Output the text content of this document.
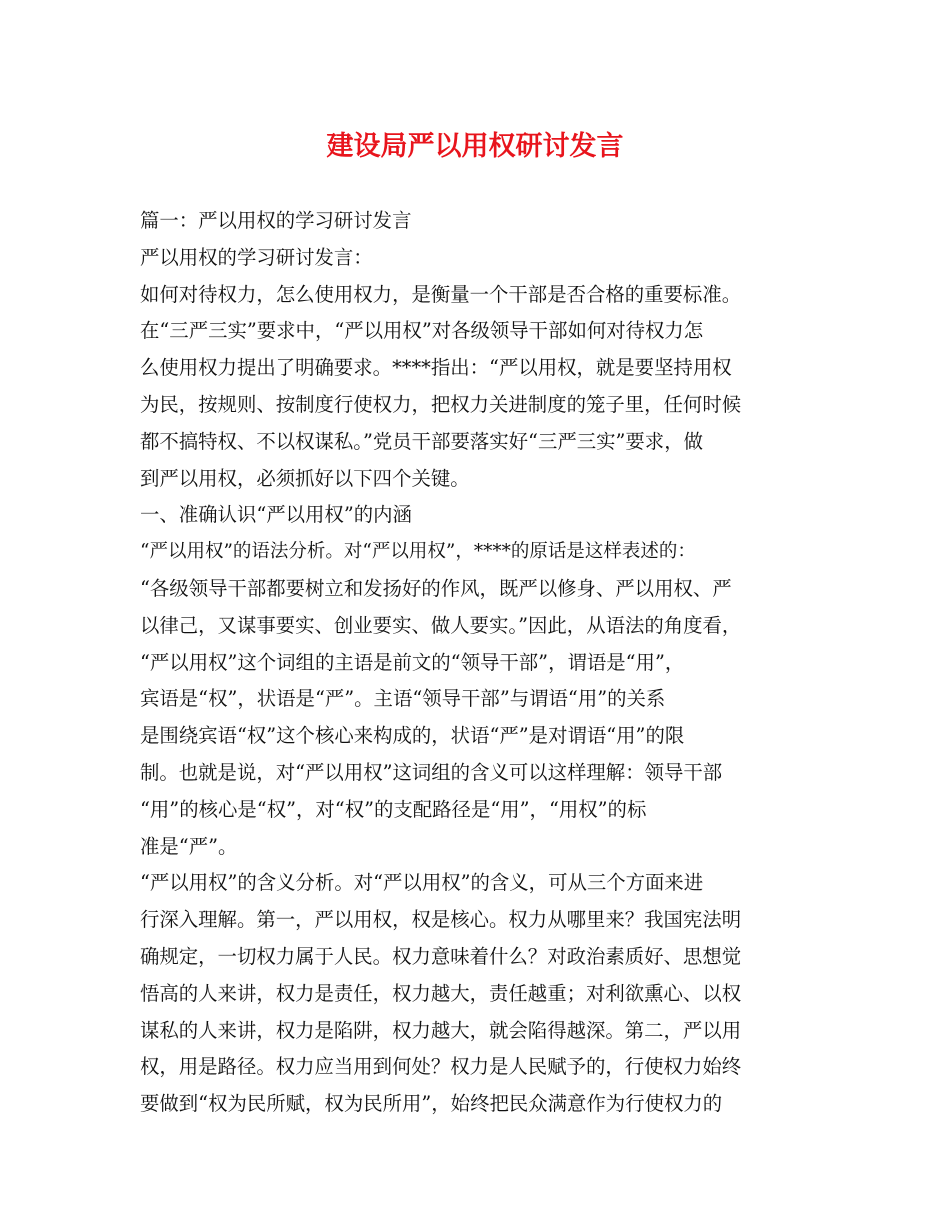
建设局严以用权研讨发言
篇一：严以用权的学习研讨发言
严以用权的学习研讨发言：
如何对待权力，怎么使用权力，是衡量一个干部是否合格的重要标准。
在“三严三实”要求中，“严以用权”对各级领导干部如何对待权力怎
么使用权力提出了明确要求。****指出：“严以用权，就是要坚持用权
为民，按规则、按制度行使权力，把权力关进制度的笼子里，任何时候
都不搞特权、不以权谋私。”党员干部要落实好“三严三实”要求，做
到严以用权，必须抓好以下四个关键。
一、准确认识“严以用权”的内涵
“严以用权”的语法分析。对“严以用权”，****的原话是这样表述的：
“各级领导干部都要树立和发扬好的作风，既严以修身、严以用权、严
以律己，又谋事要实、创业要实、做人要实。”因此，从语法的角度看，
“严以用权”这个词组的主语是前文的“领导干部”，谓语是“用”，
宾语是“权”，状语是“严”。主语“领导干部”与谓语“用”的关系
是围绕宾语“权”这个核心来构成的，状语“严”是对谓语“用”的限
制。也就是说，对“严以用权”这词组的含义可以这样理解：领导干部
“用”的核心是“权”，对“权”的支配路径是“用”，“用权”的标
准是“严”。
“严以用权”的含义分析。对“严以用权”的含义，可从三个方面来进
行深入理解。第一，严以用权，权是核心。权力从哪里来？我国宪法明
确规定，一切权力属于人民。权力意味着什么？对政治素质好、思想觉
悟高的人来讲，权力是责任，权力越大，责任越重；对利欲熏心、以权
谋私的人来讲，权力是陷阱，权力越大，就会陷得越深。第二，严以用
权，用是路径。权力应当用到何处？权力是人民赋予的，行使权力始终
要做到“权为民所赋，权为民所用”，始终把民众满意作为行使权力的
